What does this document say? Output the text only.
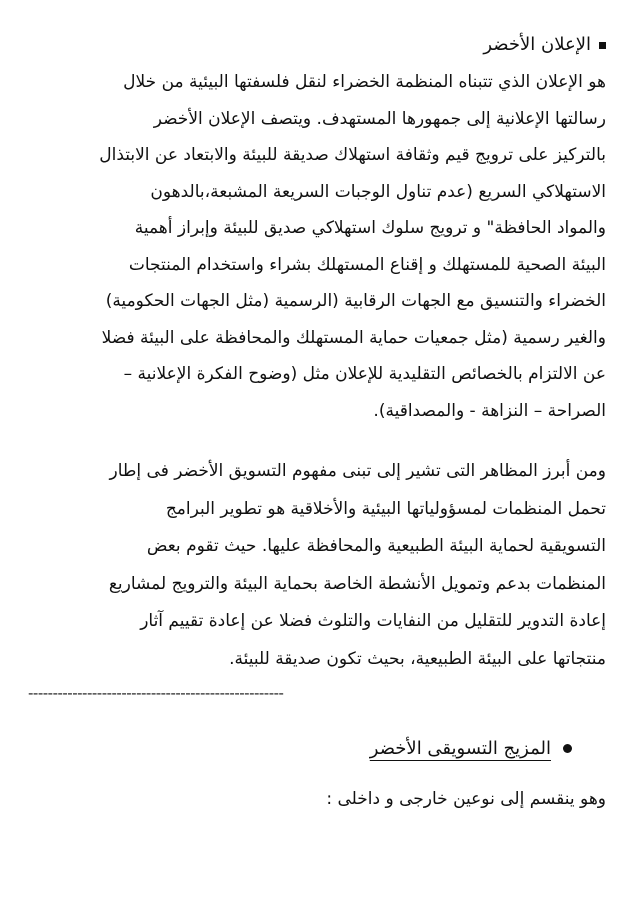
الإعلان الأخضر

هو الإعلان الذي تتبناه المنظمة الخضراء لنقل فلسفتها البيئية من خلال

رسالتها الإعلانية إلى جمهورها المستهدف. ويتصف الإعلان الأخضر

بالتركيز على ترويج قيم وثقافة استهلاك صديقة للبيئة والابتعاد عن الابتذال

الاستهلاكي السريع (عدم تناول الوجبات السريعة المشبعة،بالدهون

والمواد الحافظة" و ترويج سلوك استهلاكي صديق للبيئة وإبراز أهمية

البيئة الصحية للمستهلك و إقناع المستهلك بشراء واستخدام المنتجات

الخضراء والتنسيق مع الجهات الرقابية (الرسمية (مثل الجهات الحكومية)

والغير رسمية (مثل جمعيات حماية المستهلك والمحافظة على البيئة فضلا

عن الالتزام بالخصائص التقليدية للإعلان مثل (وضوح الفكرة الإعلانية –

الصراحة – النزاهة - والمصداقية).

ومن أبرز المظاهر التى تشير إلى تبنى مفهوم التسويق الأخضر فى إطار

تحمل المنظمات لمسؤولياتها البيئية والأخلاقية هو تطوير البرامج

التسويقية لحماية البيئة الطبيعية والمحافظة عليها. حيث تقوم بعض

المنظمات بدعم وتمويل الأنشطة الخاصة بحماية البيئة والترويج لمشاريع

إعادة التدوير للتقليل من النفايات والتلوث فضلا عن إعادة تقييم آثار

منتجاتها على البيئة الطبيعية، بحيث تكون صديقة للبيئة.

----------------------------------------------------
المزيج التسويقى الأخضر
وهو ينقسم إلى نوعين خارجى و داخلى :
